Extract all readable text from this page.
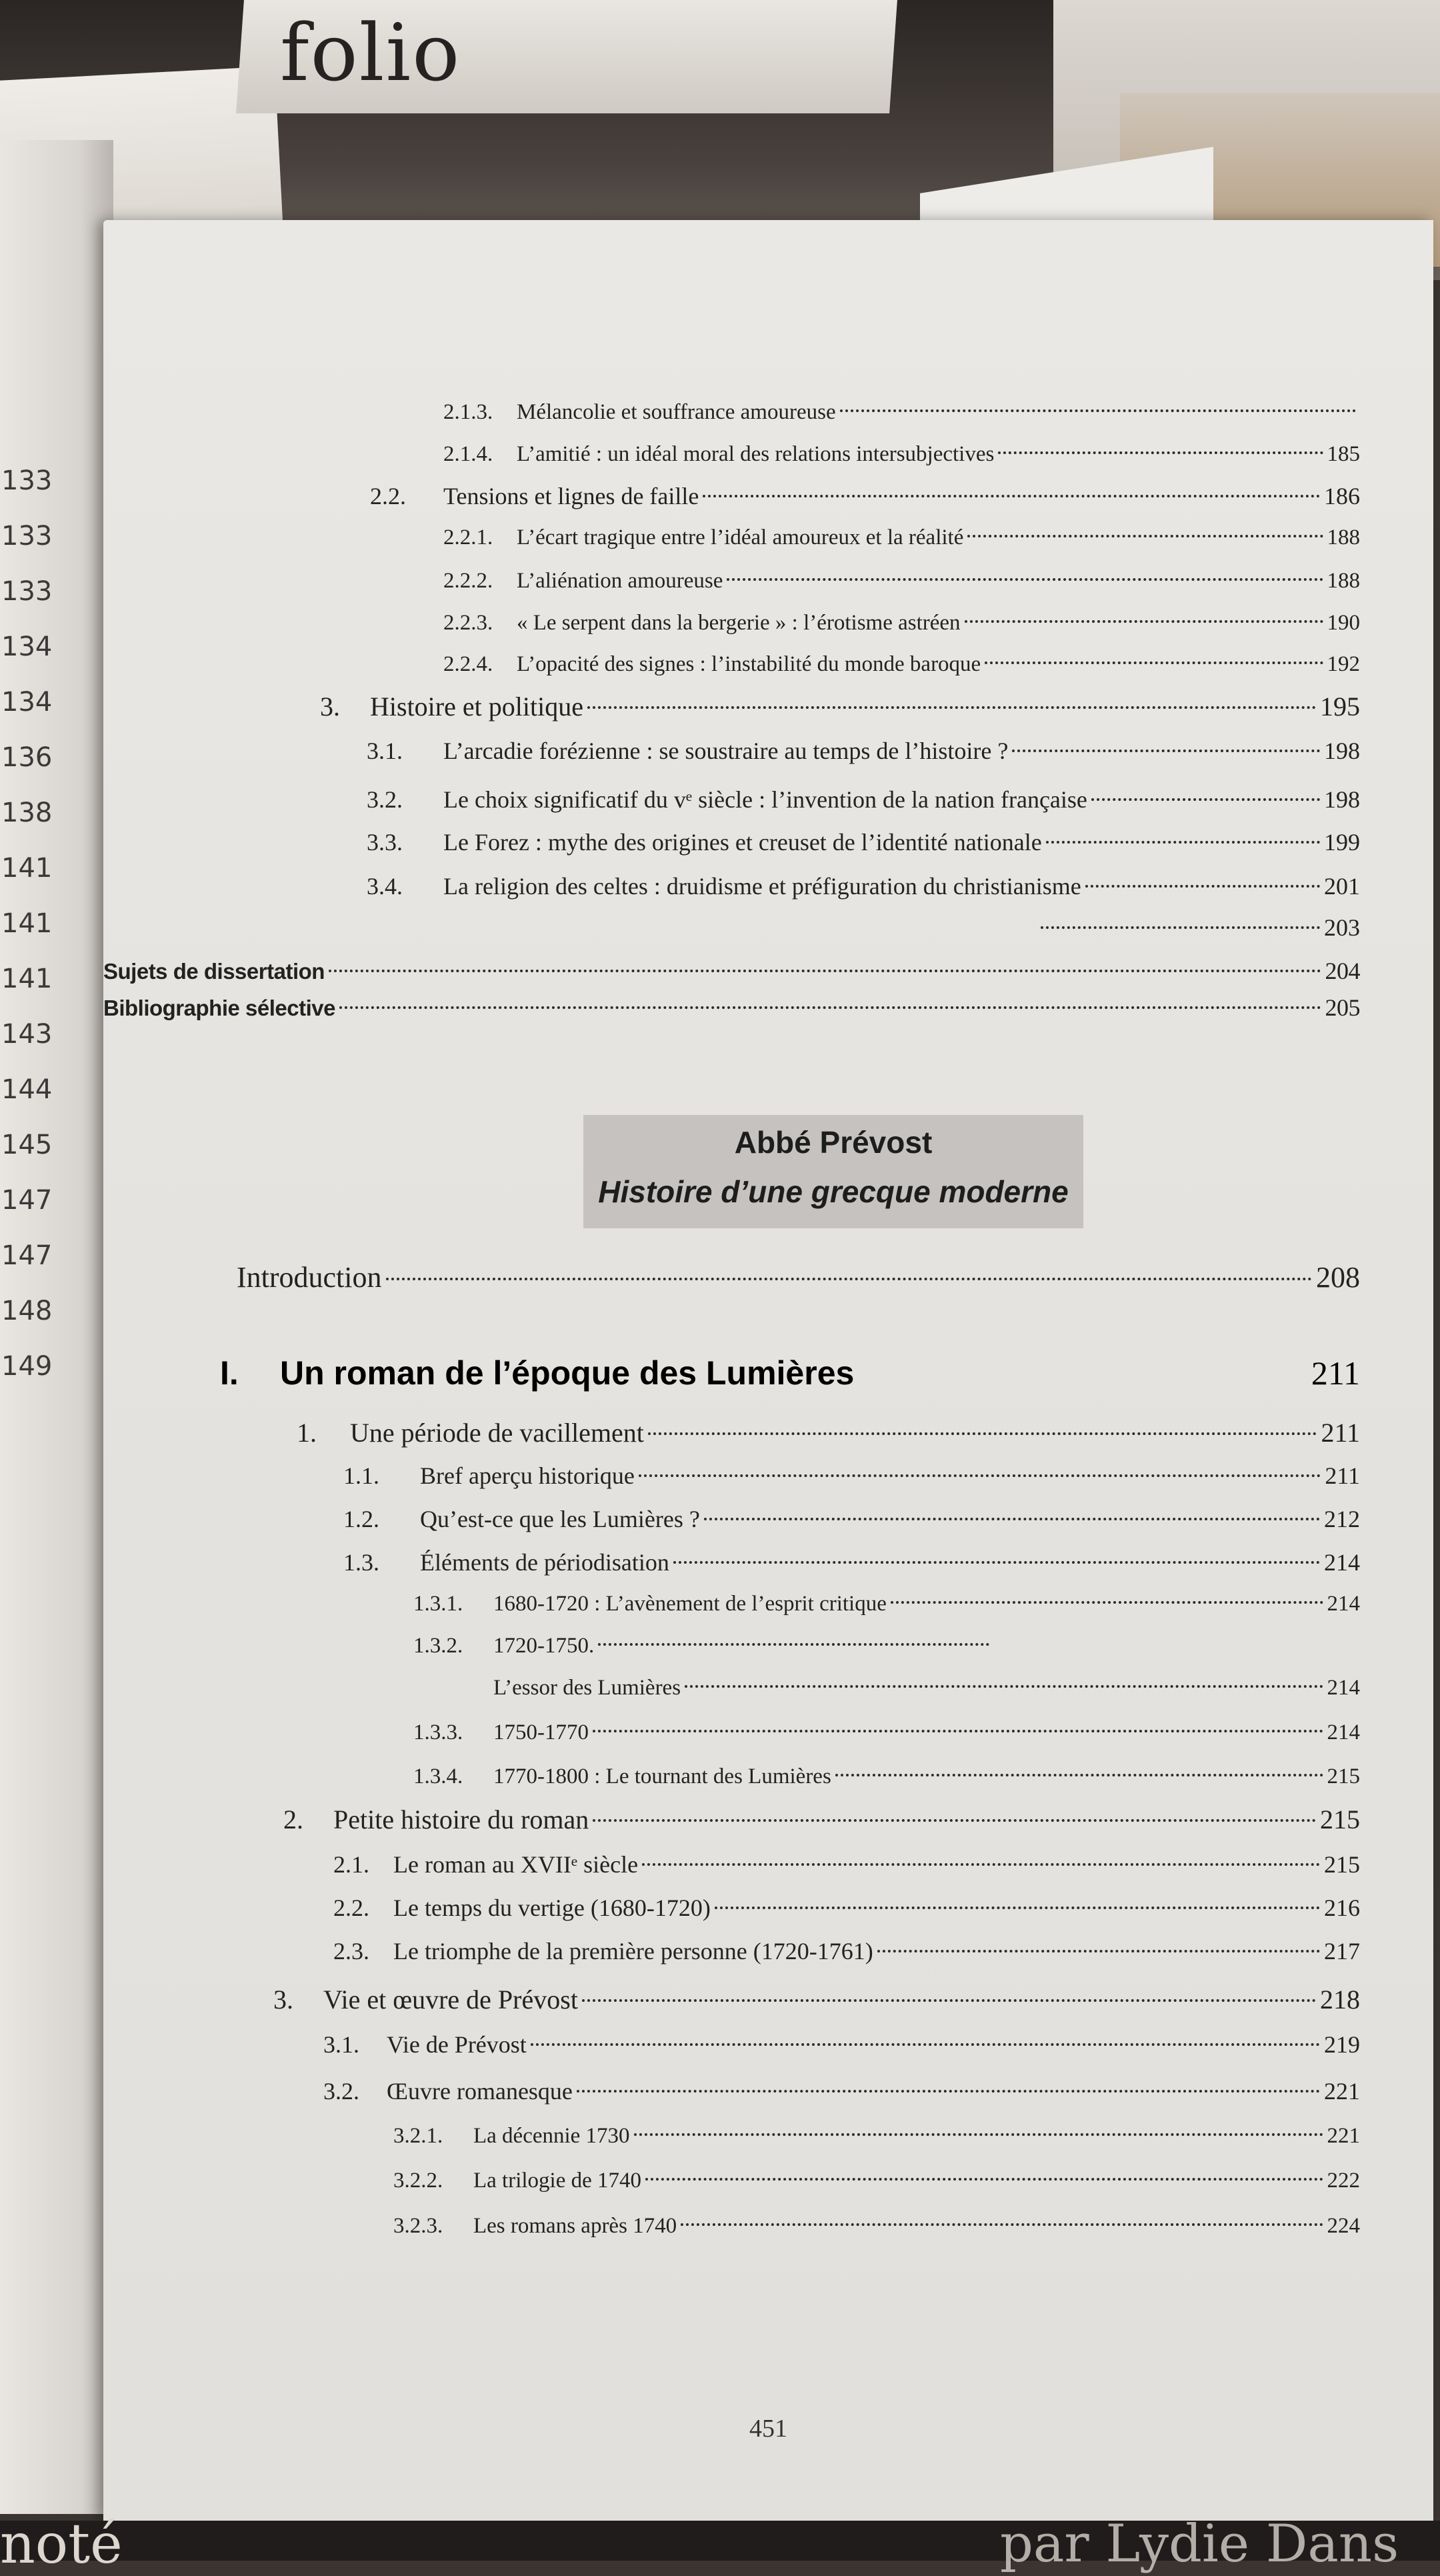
folio
133
133
133
134
134
136
138
141
141
141
143
144
145
147
147
148
149
2.1.3.	Mélancolie et souffrance amoureuse
2.1.4.	L’amitié : un idéal moral des relations intersubjectives	185
2.2.	Tensions et lignes de faille	186
2.2.1.	L’écart tragique entre l’idéal amoureux et la réalité	188
2.2.2.	L’aliénation amoureuse	188
2.2.3.	« Le serpent dans la bergerie » : l’érotisme astréen	190
2.2.4.	L’opacité des signes : l’instabilité du monde baroque	192
3.	Histoire et politique	195
3.1.	L’arcadie forézienne : se soustraire au temps de l’histoire ?	198
3.2.	Le choix significatif du vᵉ siècle : l’invention de la nation française	198
3.3.	Le Forez : mythe des origines et creuset de l’identité nationale	199
3.4.	La religion des celtes : druidisme et préfiguration du christianisme	201
203
Sujets de dissertation	204
Bibliographie sélective	205
Abbé Prévost
Histoire d’une grecque moderne
Introduction	208
I.	Un roman de l’époque des Lumières	211
1.	Une période de vacillement	211
1.1.	Bref aperçu historique	211
1.2.	Qu’est-ce que les Lumières ?	212
1.3.	Éléments de périodisation	214
1.3.1.	1680-1720 : L’avènement de l’esprit critique	214
1.3.2.	1720-1750.
L’essor des Lumières	214
1.3.3.	1750-1770	214
1.3.4.	1770-1800 : Le tournant des Lumières	215
2.	Petite histoire du roman	215
2.1.	Le roman au XVIIᵉ siècle	215
2.2.	Le temps du vertige (1680-1720)	216
2.3.	Le triomphe de la première personne (1720-1761)	217
3.	Vie et œuvre de Prévost	218
3.1.	Vie de Prévost	219
3.2.	Œuvre romanesque	221
3.2.1.	La décennie 1730	221
3.2.2.	La trilogie de 1740	222
3.2.3.	Les romans après 1740	224
451
noté	par Lydie Dans
